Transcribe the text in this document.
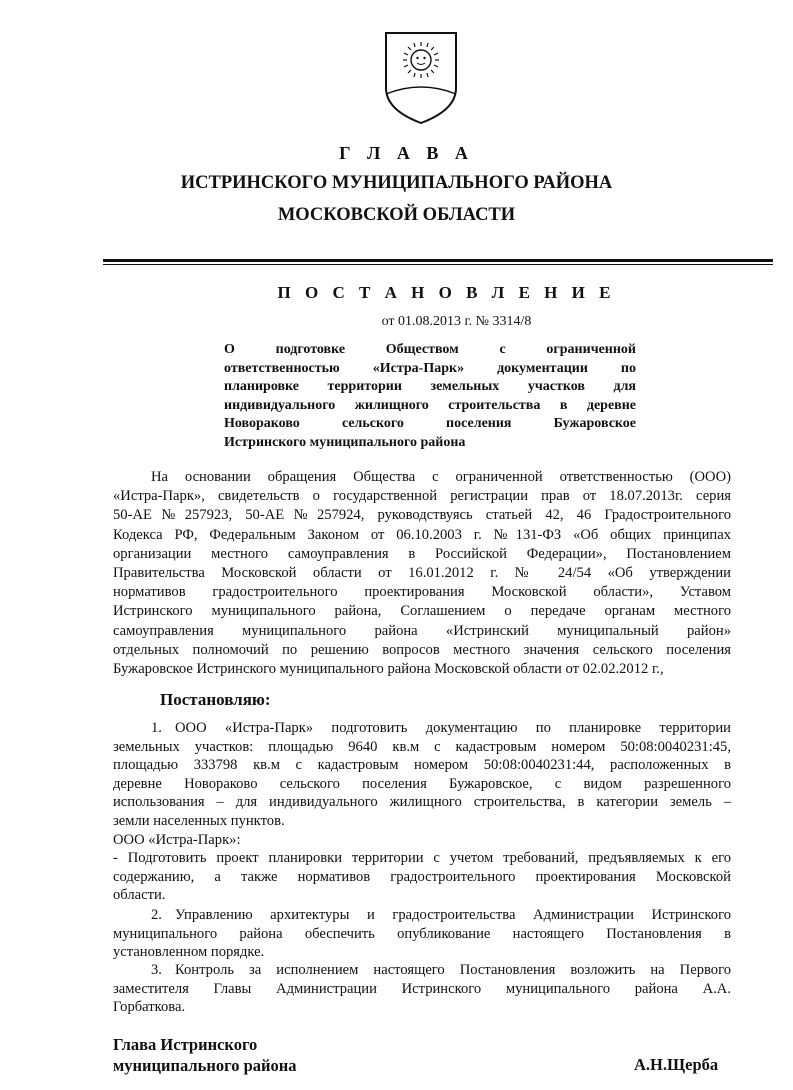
Г Л А В А
ИСТРИНСКОГО МУНИЦИПАЛЬНОГО РАЙОНА
МОСКОВСКОЙ ОБЛАСТИ
П О С Т А Н О В Л Е Н И Е
от 01.08.2013 г. № 3314/8
О подготовке Обществом с ограниченной
ответственностью «Истра-Парк» документации по
планировке территории земельных участков для
индивидуального жилищного строительства в деревне
Новораково сельского поселения Бужаровское
Истринского муниципального района
На основании обращения Общества с ограниченной ответственностью (ООО)
«Истра-Парк», свидетельств о государственной регистрации прав от 18.07.2013г. серия
50-АЕ№257923, 50-АЕ№257924, руководствуясь статьей 42, 46 Градостроительного
Кодекса РФ, Федеральным Законом от 06.10.2003 г. №131-ФЗ «Об общих принципах
организации местного самоуправления в Российской Федерации», Постановлением
Правительства Московской области от 16.01.2012 г. № 24/54 «Об утверждении
нормативов градостроительного проектирования Московской области», Уставом
Истринского муниципального района, Соглашением о передаче органам местного
самоуправления муниципального района «Истринский муниципальный район»
отдельных полномочий по решению вопросов местного значения сельского поселения
Бужаровское Истринского муниципального района Московской области от 02.02.2012 г.,
Постановляю:
1. ООО «Истра-Парк» подготовить документацию по планировке территории
земельных участков: площадью 9640 кв.м с кадастровым номером 50:08:0040231:45,
площадью 333798 кв.м с кадастровым номером 50:08:0040231:44, расположенных в
деревне Новораково сельского поселения Бужаровское, с видом разрешенного
использования – для индивидуального жилищного строительства, в категории земель –
земли населенных пунктов.
ООО «Истра-Парк»:
- Подготовить проект планировки территории с учетом требований, предъявляемых к его
содержанию, а также нормативов градостроительного проектирования Московской
области.
2. Управлению архитектуры и градостроительства Администрации Истринского
муниципального района обеспечить опубликование настоящего Постановления в
установленном порядке.
3. Контроль за исполнением настоящего Постановления возложить на Первого
заместителя Главы Администрации Истринского муниципального района А.А.
Горбаткова.
Глава Истринского
муниципального района	А.Н.Щерба
